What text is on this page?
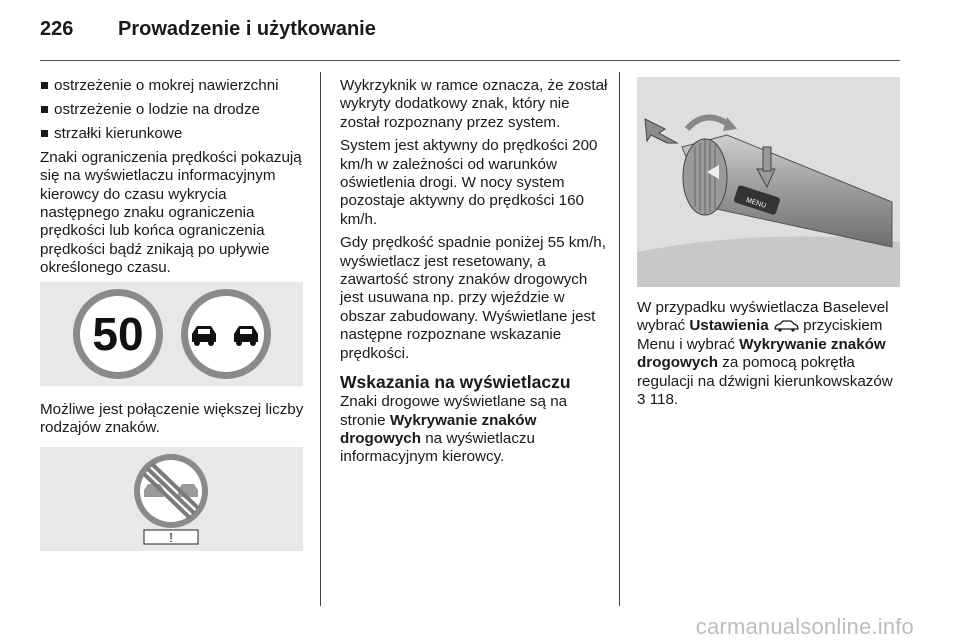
226 Prowadzenie i użytkowanie
ostrzeżenie o mokrej nawierzchni
ostrzeżenie o lodzie na drodze
strzałki kierunkowe

Znaki ograniczenia prędkości pokazują się na wyświetlaczu informacyjnym kierowcy do czasu wykrycia następnego znaku ograniczenia prędkości lub końca ograniczenia prędkości bądź znikają po upływie określonego czasu.

50

Możliwe jest połączenie większej liczby rodzajów znaków.

!

Wykrzyknik w ramce oznacza, że został wykryty dodatkowy znak, który nie został rozpoznany przez system.

System jest aktywny do prędkości 200 km/h w zależności od warunków oświetlenia drogi. W nocy system pozostaje aktywny do prędkości 160 km/h.

Gdy prędkość spadnie poniżej 55 km/h, wyświetlacz jest resetowany, a zawartość strony znaków drogowych jest usuwana np. przy wjeździe w obszar zabudowany. Wyświetlane jest następne rozpoznane wskazanie prędkości.

Wskazania na wyświetlaczu

Znaki drogowe wyświetlane są na stronie Wykrywanie znaków drogowych na wyświetlaczu informacyjnym kierowcy.

MENU

W przypadku wyświetlacza Baselevel wybrać Ustawienia  przyciskiem Menu i wybrać Wykrywanie znaków drogowych za pomocą pokrętła regulacji na dźwigni kierunkowskazów 3 118.

carmanualsonline.info
